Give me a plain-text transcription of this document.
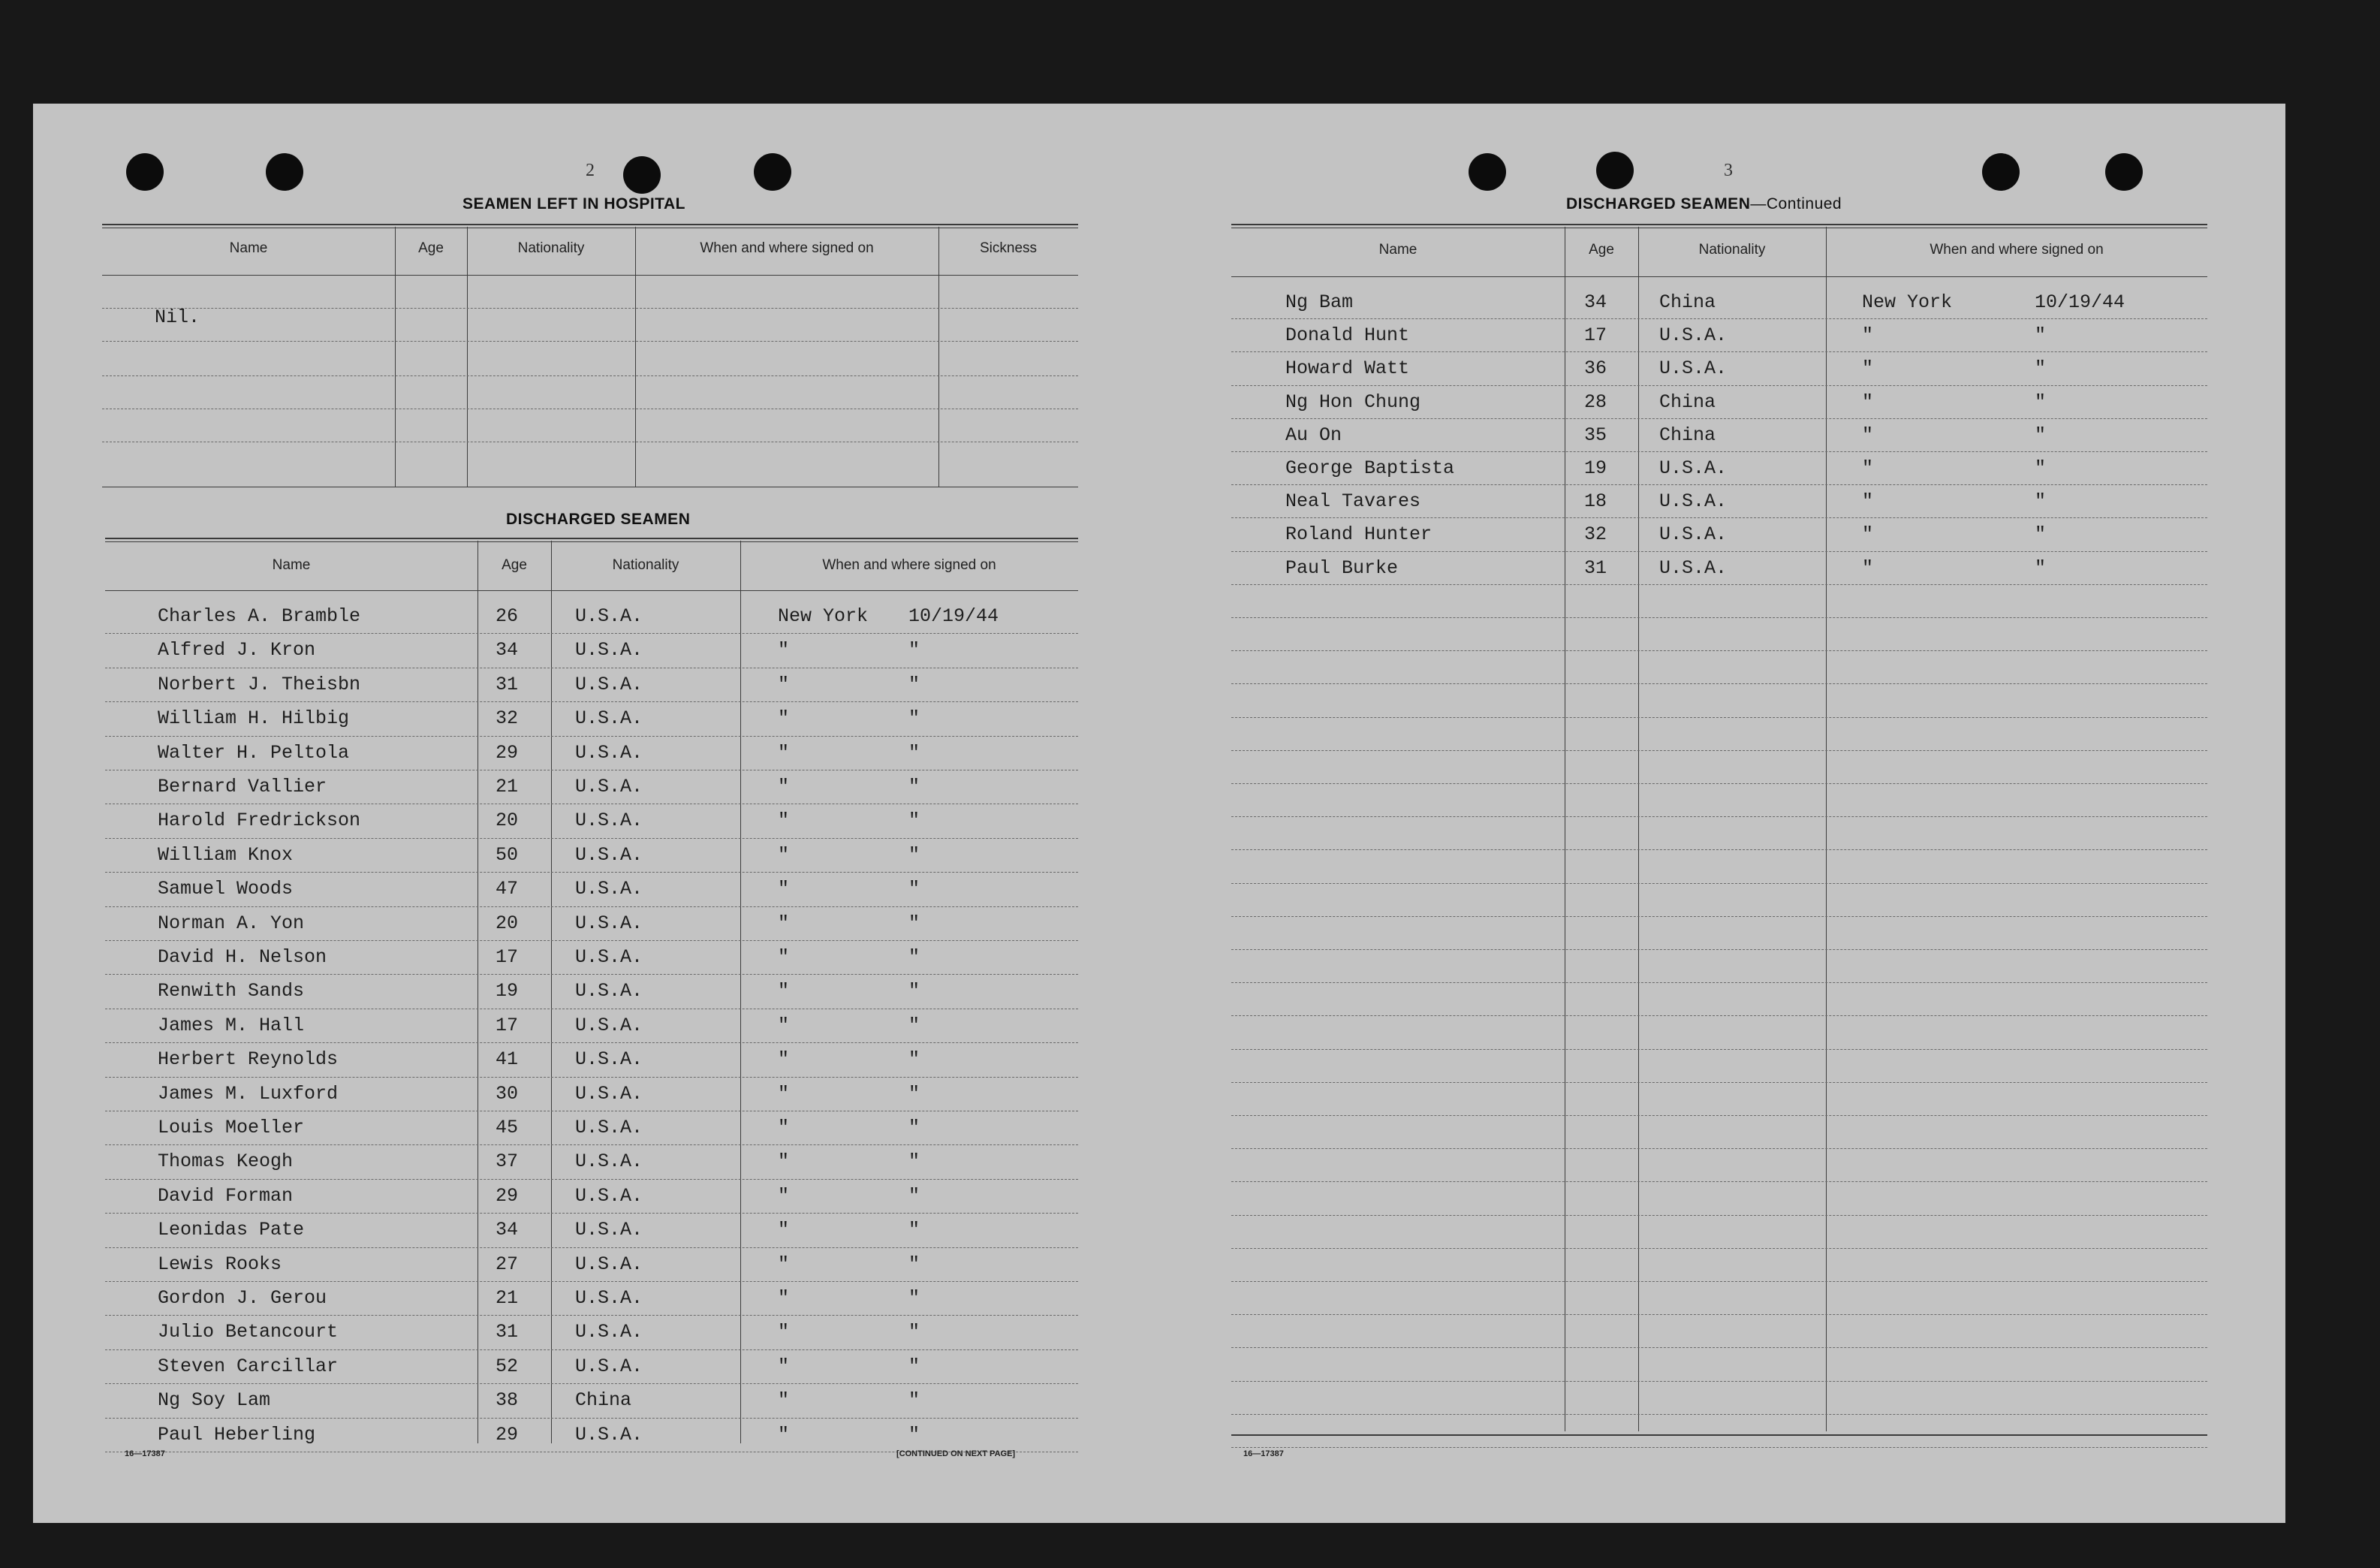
2
SEAMEN LEFT IN HOSPITAL
Name	Age	Nationality	When and where signed on	Sickness
Nil.
DISCHARGED SEAMEN
Name	Age	Nationality	When and where signed on
Charles A. Bramble	26	U.S.A.	New York 10/19/44
Alfred J. Kron	34	U.S.A.	"	"
Norbert J. Theisbn	31	U.S.A.	"	"
William H. Hilbig	32	U.S.A.	"	"
Walter H. Peltola	29	U.S.A.	"	"
Bernard Vallier	21	U.S.A.	"	"
Harold Fredrickson	20	U.S.A.	"	"
William Knox	50	U.S.A.	"	"
Samuel Woods	47	U.S.A.	"	"
Norman A. Yon	20	U.S.A.	"	"
David H. Nelson	17	U.S.A.	"	"
Renwith Sands	19	U.S.A.	"	"
James M. Hall	17	U.S.A.	"	"
Herbert Reynolds	41	U.S.A.	"	"
James M. Luxford	30	U.S.A.	"	"
Louis Moeller	45	U.S.A.	"	"
Thomas Keogh	37	U.S.A.	"	"
David Forman	29	U.S.A.	"	"
Leonidas Pate	34	U.S.A.	"	"
Lewis Rooks	27	U.S.A.	"	"
Gordon J. Gerou	21	U.S.A.	"	"
Julio Betancourt	31	U.S.A.	"	"
Steven Carcillar	52	U.S.A.	"	"
Ng Soy Lam	38	China	"	"
Paul Heberling	29	U.S.A.	"	"
16—17387	[CONTINUED ON NEXT PAGE]
3
DISCHARGED SEAMEN—Continued
Name	Age	Nationality	When and where signed on
Ng Bam	34	China	New York	10/19/44
Donald Hunt	17	U.S.A.	"	"
Howard Watt	36	U.S.A.	"	"
Ng Hon Chung	28	China	"	"
Au On	35	China	"	"
George Baptista	19	U.S.A.	"	"
Neal Tavares	18	U.S.A.	"	"
Roland Hunter	32	U.S.A.	"	"
Paul Burke	31	U.S.A.	"	"
16—17387
